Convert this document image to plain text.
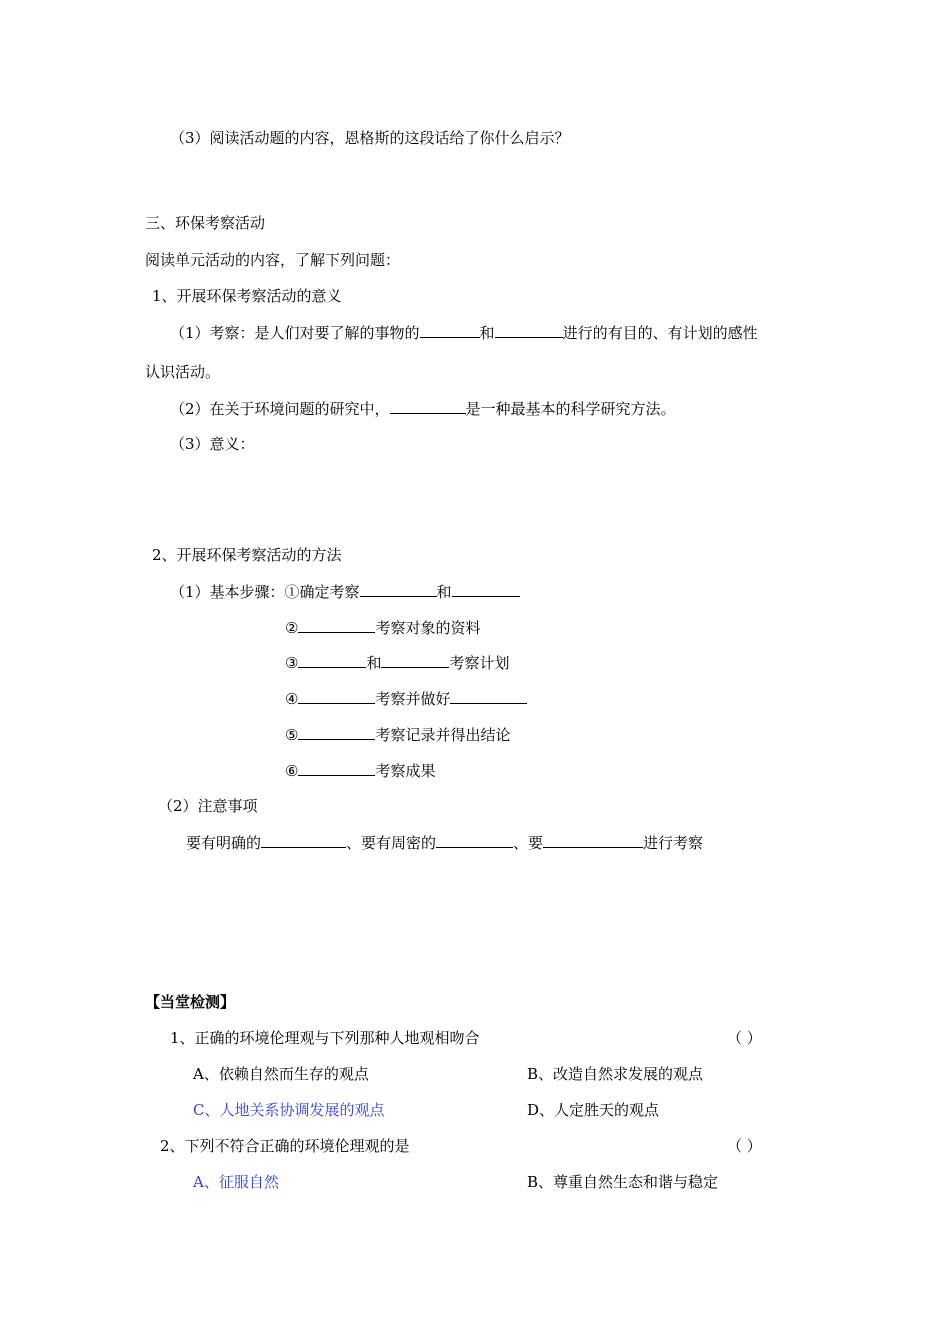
（3）阅读活动题的内容，恩格斯的这段话给了你什么启示？
三、环保考察活动
阅读单元活动的内容，了解下列问题：
1、开展环保考察活动的意义
（1）考察：是人们对要了解的事物的	和	进行的有目的、有计划的感性
认识活动。
（2）在关于环境问题的研究中，	是一种最基本的科学研究方法。
（3）意义：
2、开展环保考察活动的方法
（1）基本步骤：①确定考察	和
②	考察对象的资料
③	和	考察计划
④	考察并做好
⑤	考察记录并得出结论
⑥	考察成果
（2）注意事项
要有明确的	、要有周密的	、要	进行考察
【当堂检测】
1、正确的环境伦理观与下列那种人地观相吻合	（ ）
A、依赖自然而生存的观点	B、改造自然求发展的观点
C、人地关系协调发展的观点	D、人定胜天的观点
2、下列不符合正确的环境伦理观的是	（ ）
A、征服自然	B、尊重自然生态和谐与稳定
